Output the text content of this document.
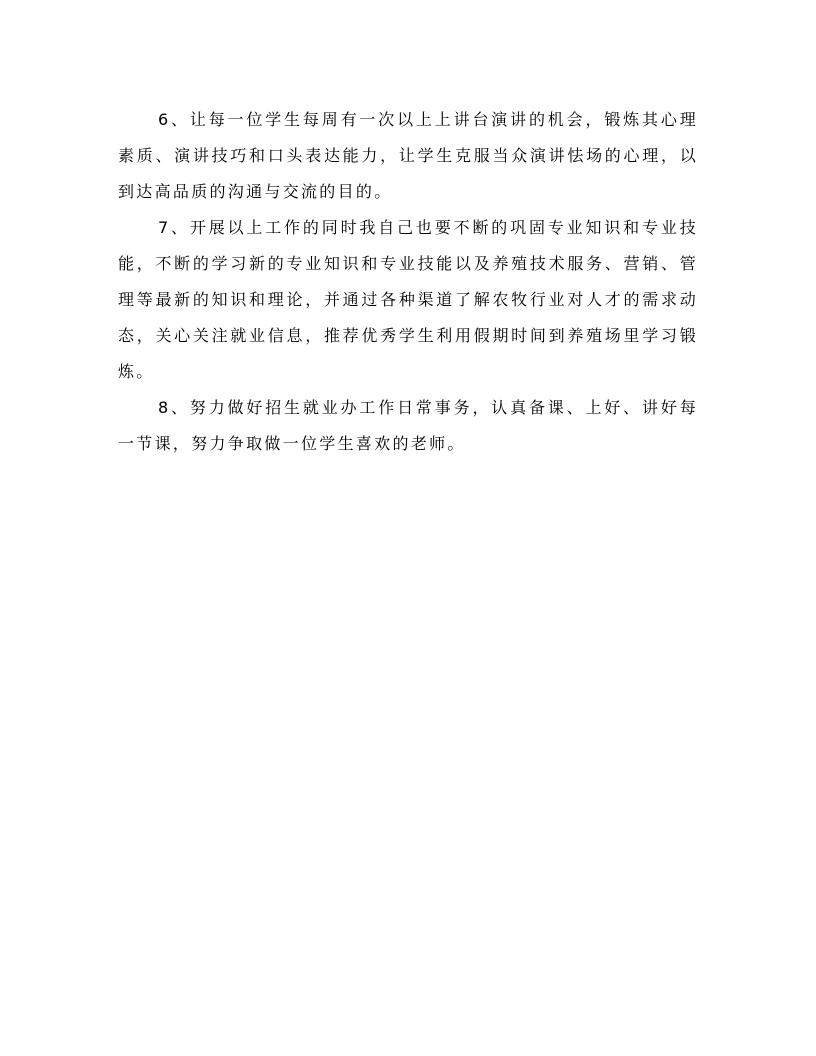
6、让每一位学生每周有一次以上上讲台演讲的机会，锻炼其心理素质、演讲技巧和口头表达能力，让学生克服当众演讲怯场的心理，以到达高品质的沟通与交流的目的。

7、开展以上工作的同时我自己也要不断的巩固专业知识和专业技能，不断的学习新的专业知识和专业技能以及养殖技术服务、营销、管理等最新的知识和理论，并通过各种渠道了解农牧行业对人才的需求动态，关心关注就业信息，推荐优秀学生利用假期时间到养殖场里学习锻炼。

8、努力做好招生就业办工作日常事务，认真备课、上好、讲好每一节课，努力争取做一位学生喜欢的老师。
